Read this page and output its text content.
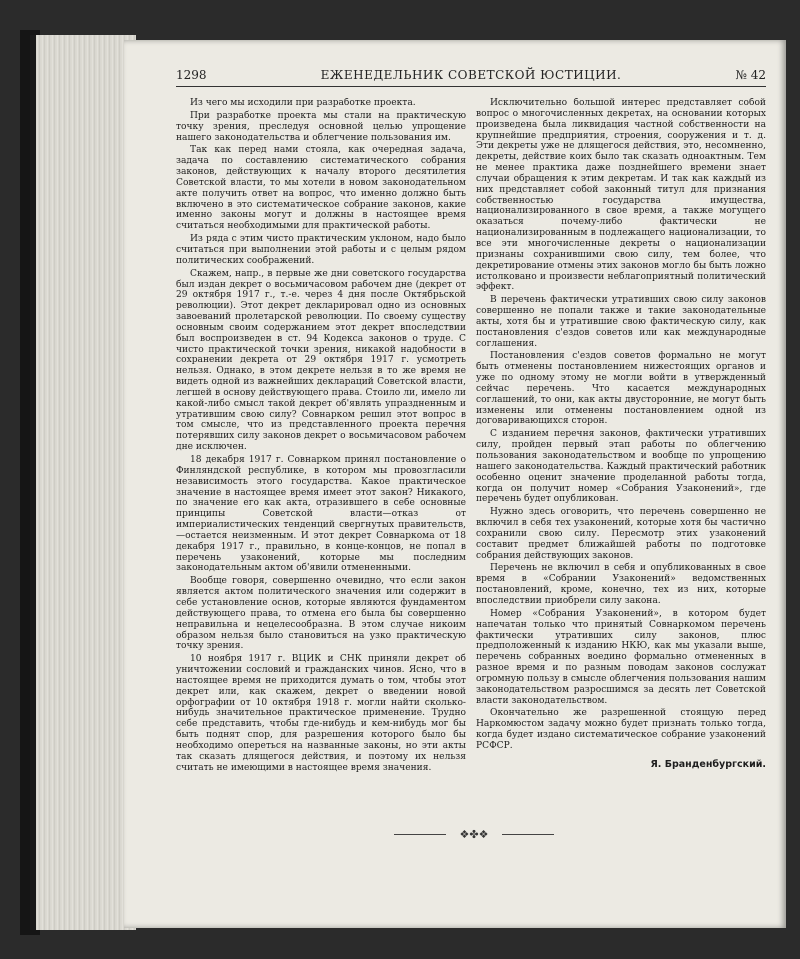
1298	ЕЖЕНЕДЕЛЬНИК СОВЕТСКОЙ ЮСТИЦИИ.	№ 42

Из чего мы исходили при разработке проекта.

При разработке проекта мы стали на практическую точку зрения, преследуя основной целью упрощение нашего законодательства и облегчение пользования им.

Так как перед нами стояла, как очередная задача, задача по составлению систематического собрания законов, действующих к началу второго десятилетия Советской власти, то мы хотели в новом законодательном акте получить ответ на вопрос, что именно должно быть включено в это систематическое собрание законов, какие именно законы могут и должны в настоящее время считаться необходимыми для практической работы.

Из ряда с этим чисто практическим уклоном, надо было считаться при выполнении этой работы и с целым рядом политических соображений.

Скажем, напр., в первые же дни советского государства был издан декрет о восьмичасовом рабочем дне (декрет от 29 октября 1917 г., т.-е. через 4 дня после Октябрьской революции). Этот декрет декларировал одно из основных завоеваний пролетарской революции. По своему существу основным своим содержанием этот декрет впоследствии был воспроизведен в ст. 94 Кодекса законов о труде. С чисто практической точки зрения, никакой надобности в сохранении декрета от 29 октября 1917 г. усмотреть нельзя. Однако, в этом декрете нельзя в то же время не видеть одной из важнейших деклараций Советской власти, легшей в основу действующего права. Стоило ли, имело ли какой-либо смысл такой декрет об'являть упраздненным и утратившим свою силу? Совнарком решил этот вопрос в том смысле, что из представленного проекта перечня потерявших силу законов декрет о восьмичасовом рабочем дне исключен.

18 декабря 1917 г. Совнарком принял постановление о Финляндской республике, в котором мы провозгласили независимость этого государства. Какое практическое значение в настоящее время имеет этот закон? Никакого, по значение его как акта, отразившего в себе основные принципы Советской власти—отказ от империалистических тенденций свергнутых правительств,—остается неизменным. И этот декрет Совнаркома от 18 декабря 1917 г., правильно, в конце-концов, не попал в перечень узаконений, которые мы последним законодательным актом об'явили отмененными.

Вообще говоря, совершенно очевидно, что если закон является актом политического значения или содержит в себе установление основ, которые являются фундаментом действующего права, то отмена его была бы совершенно неправильна и нецелесообразна. В этом случае никоим образом нельзя было становиться на узко практическую точку зрения.

10 ноября 1917 г. ВЦИК и СНК приняли декрет об уничтожении сословий и гражданских чинов. Ясно, что в настоящее время не приходится думать о том, чтобы этот декрет или, как скажем, декрет о введении новой орфографии от 10 октября 1918 г. могли найти сколько-нибудь значительное практическое применение. Трудно себе представить, чтобы где-нибудь и кем-нибудь мог бы быть поднят спор, для разрешения которого было бы необходимо опереться на названные законы, но эти акты так сказать длящегося действия, и поэтому их нельзя считать не имеющими в настоящее время значения.

Исключительно большой интерес представляет собой вопрос о многочисленных декретах, на основании которых произведена была ликвидация частной собственности на крупнейшие предприятия, строения, сооружения и т. д. Эти декреты уже не длящегося действия, это, несомненно, декреты, действие коих было так сказать одноактным. Тем не менее практика даже позднейшего времени знает случаи обращения к этим декретам. И так как каждый из них представляет собой законный титул для признания собственностью государства имущества, национализированного в свое время, а также могущего оказаться почему-либо фактически не национализированным в подлежащего национализации, то все эти многочисленные декреты о национализации признаны сохранившими свою силу, тем более, что декретирование отмены этих законов могло бы быть ложно истолковано и произвести неблагоприятный политический эффект.

В перечень фактически утративших свою силу законов совершенно не попали также и такие законодательные акты, хотя бы и утратившие свою фактическую силу, как постановления с'ездов советов или как международные соглашения.

Постановления с'ездов советов формально не могут быть отменены постановлением нижестоящих органов и уже по одному этому не могли войти в утвержденный сейчас перечень. Что касается международных соглашений, то они, как акты двусторонние, не могут быть изменены или отменены постановлением одной из договаривающихся сторон.

С изданием перечня законов, фактически утративших силу, пройден первый этап работы по облегчению пользования законодательством и вообще по упрощению нашего законодательства. Каждый практический работник особенно оценит значение проделанной работы тогда, когда он получит номер «Собрания Узаконений», где перечень будет опубликован.

Нужно здесь оговорить, что перечень совершенно не включил в себя тех узаконений, которые хотя бы частично сохранили свою силу. Пересмотр этих узаконений составит предмет ближайшей работы по подготовке собрания действующих законов.

Перечень не включил в себя и опубликованных в свое время в «Собрании Узаконений» ведомственных постановлений, кроме, конечно, тех из них, которые впоследствии приобрели силу закона.

Номер «Собрания Узаконений», в котором будет напечатан только что принятый Совнаркомом перечень фактически утративших силу законов, плюс предположенный к изданию НКЮ, как мы указали выше, перечень собранных воедино формально отмененных в разное время и по разным поводам законов сослужат огромную пользу в смысле облегчения пользования нашим законодательством разросшимся за десять лет Советской власти законодательством.

Окончательно же разрешенной стоящую перед Наркомюстом задачу можно будет признать только тогда, когда будет издано систематическое собрание узаконений РСФСР.

Я. Бранденбургский.
❖✤❖
